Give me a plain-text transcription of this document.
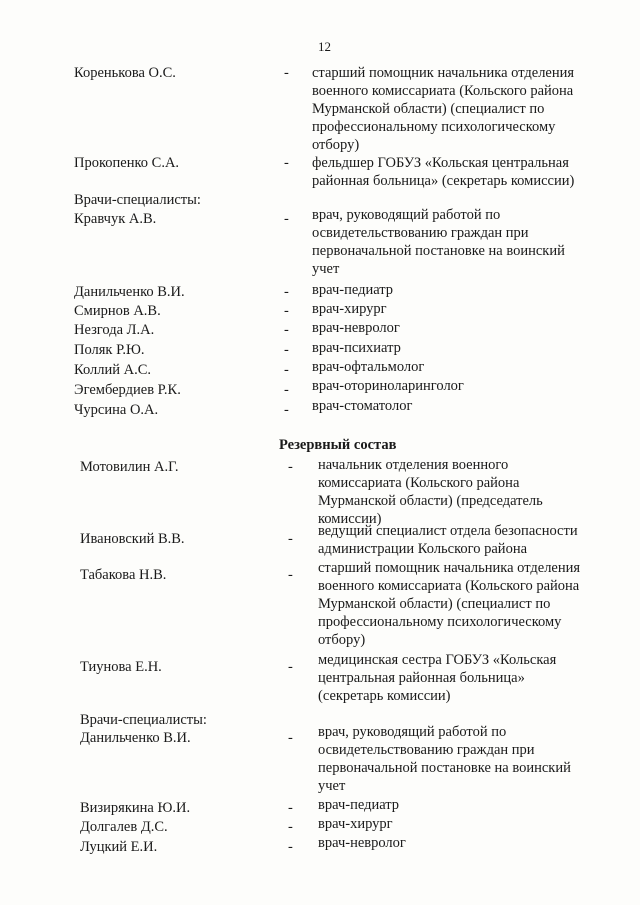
12
Коренькова О.С.	- старший помощник начальника отделения
военного комиссариата (Кольского района
Мурманской области) (специалист по
профессиональному психологическому
отбору)
Прокопенко С.А.	- фельдшер ГОБУЗ «Кольская центральная
районная больница» (секретарь комиссии)
Врачи-специалисты:
Кравчук А.В.	- врач, руководящий работой по
освидетельствованию граждан при
первоначальной постановке на воинский
учет
Данильченко В.И.	- врач-педиатр
Смирнов А.В.	- врач-хирург
Незгода Л.А.	- врач-невролог
Поляк Р.Ю.	- врач-психиатр
Коллий А.С.	- врач-офтальмолог
Эгембердиев Р.К.	- врач-оториноларинголог
Чурсина О.А.	- врач-стоматолог
Резервный состав
Мотовилин А.Г.	- начальник отделения военного
комиссариата (Кольского района
Мурманской области) (председатель
комиссии)
Ивановский В.В.	- ведущий специалист отдела безопасности
администрации Кольского района
Табакова Н.В.	- старший помощник начальника отделения
военного комиссариата (Кольского района
Мурманской области) (специалист по
профессиональному психологическому
отбору)
Тиунова Е.Н.	- медицинская сестра ГОБУЗ «Кольская
центральная районная больница»
(секретарь комиссии)
Врачи-специалисты:
Данильченко В.И.	- врач, руководящий работой по
освидетельствованию граждан при
первоначальной постановке на воинский
учет
Визирякина Ю.И.	- врач-педиатр
Долгалев Д.С.	- врач-хирург
Луцкий Е.И.	- врач-невролог
